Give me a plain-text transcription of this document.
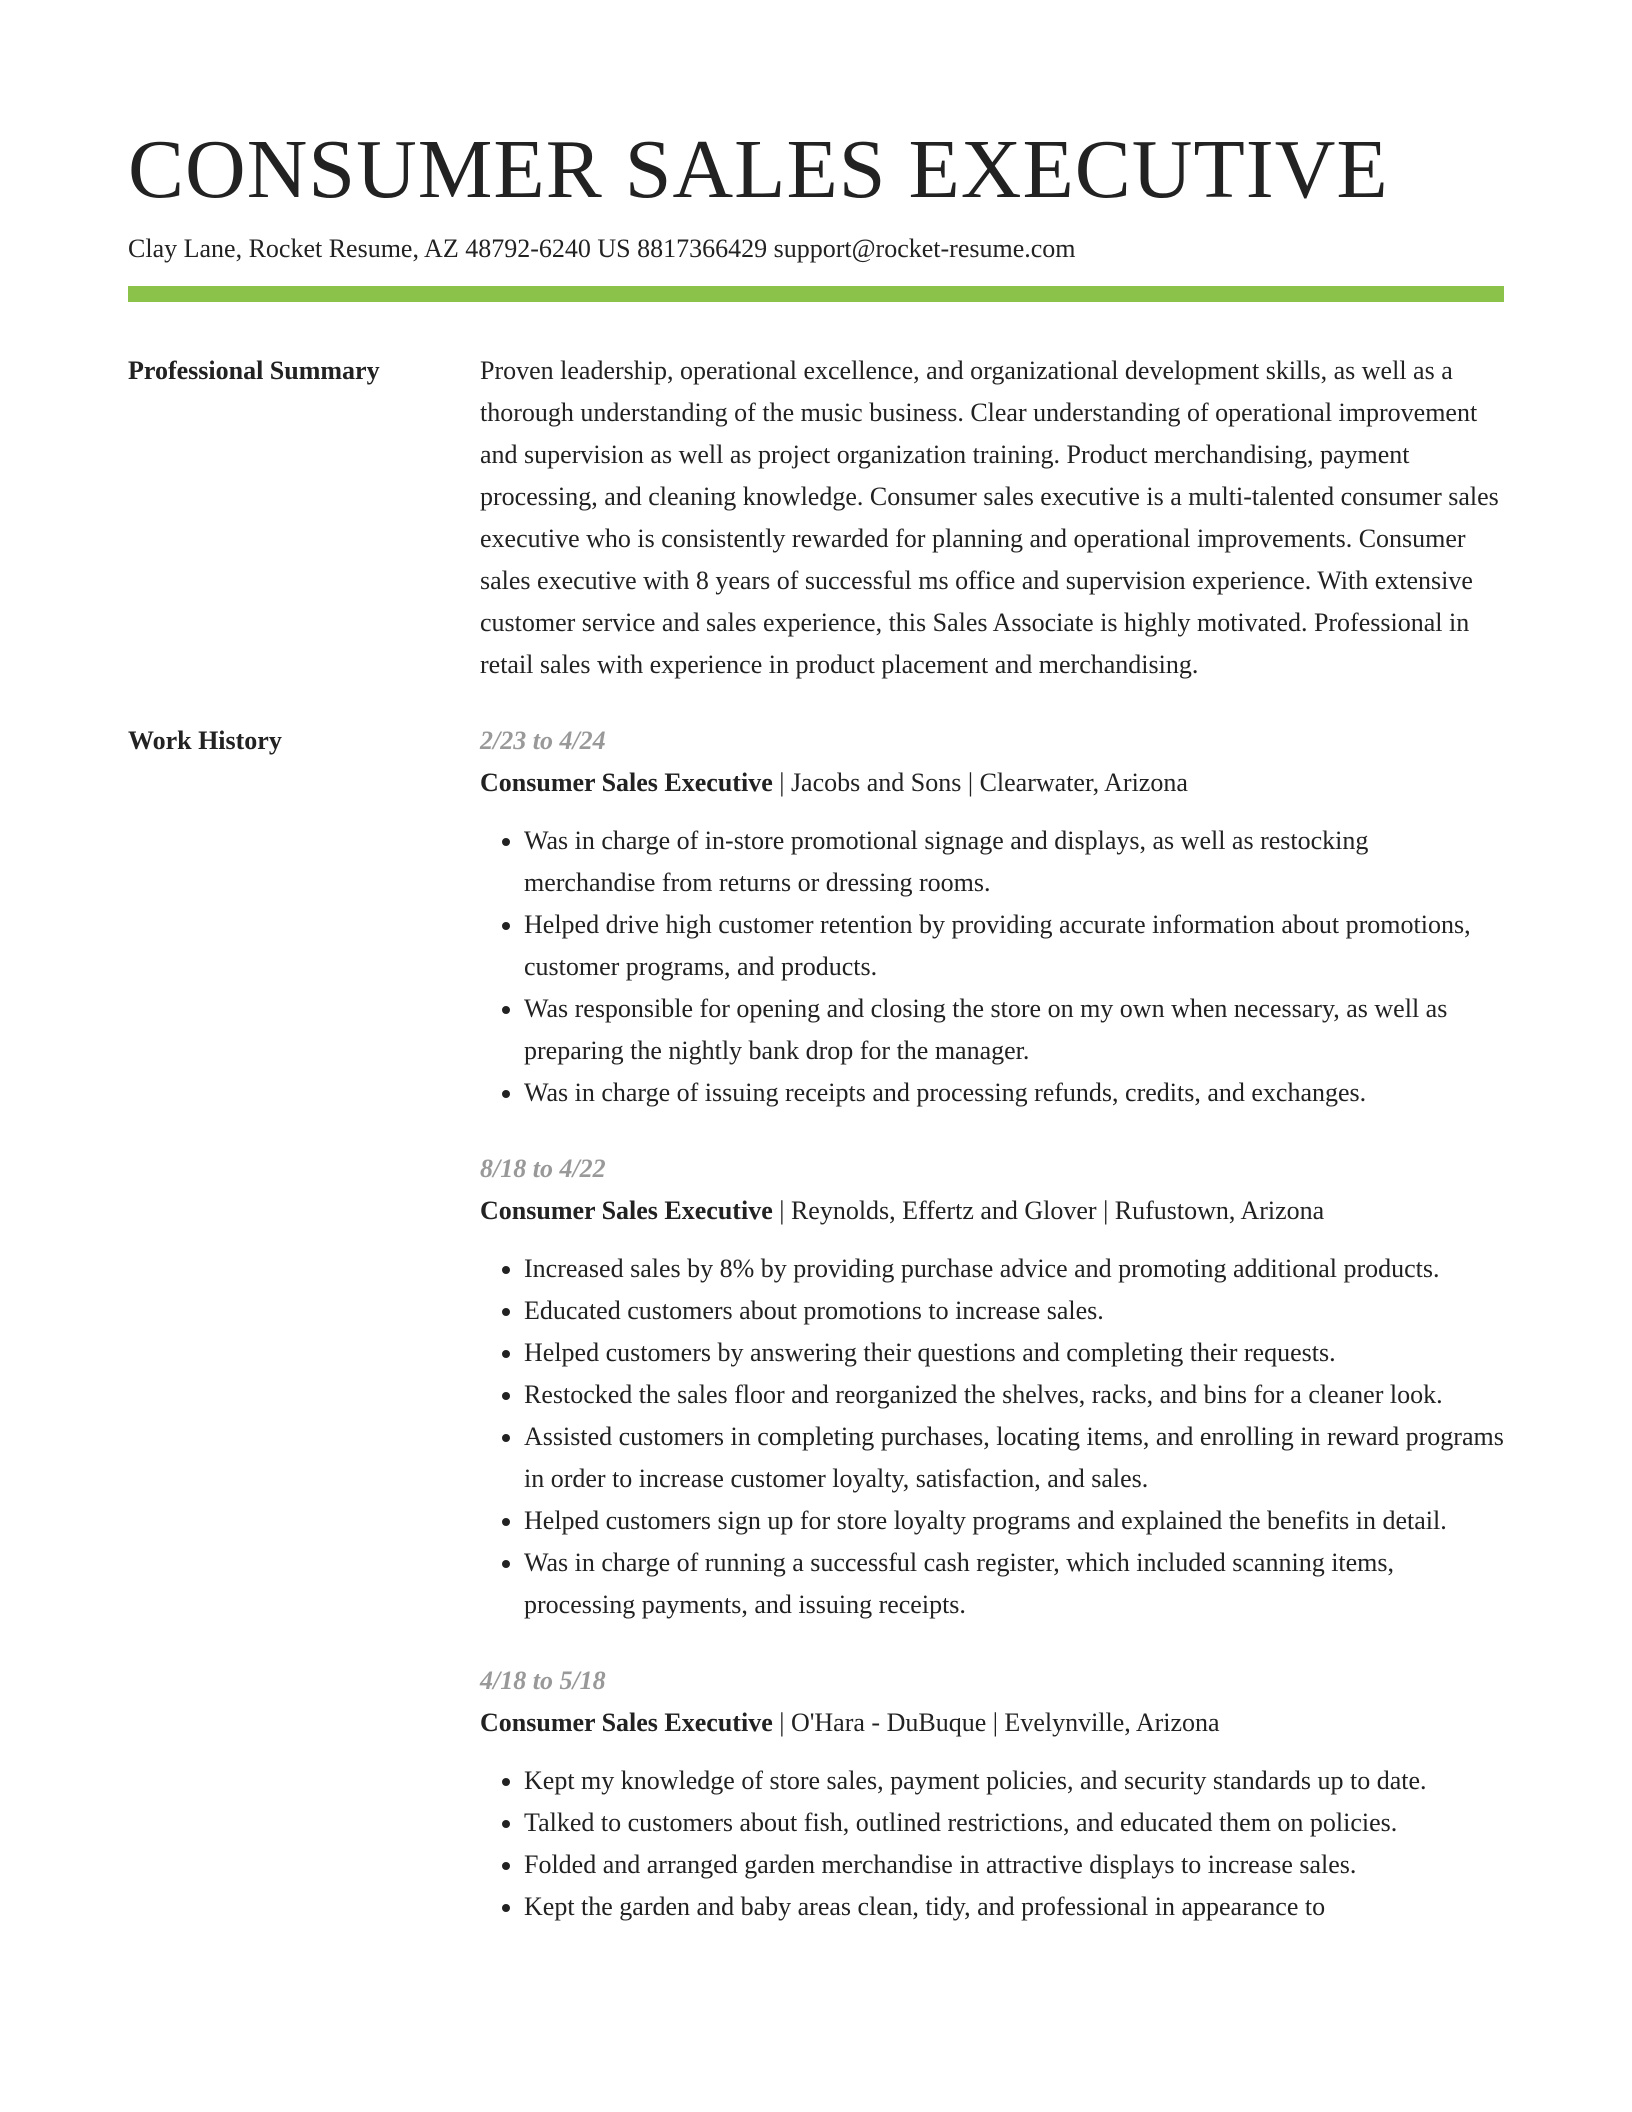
CONSUMER SALES EXECUTIVE
Clay Lane, Rocket Resume, AZ 48792-6240 US 8817366429 support@rocket-resume.com
Professional Summary	Proven leadership, operational excellence, and organizational development skills, as well as a thorough understanding of the music business. Clear understanding of operational improvement and supervision as well as project organization training. Product merchandising, payment processing, and cleaning knowledge. Consumer sales executive is a multi-talented consumer sales executive who is consistently rewarded for planning and operational improvements. Consumer sales executive with 8 years of successful ms office and supervision experience. With extensive customer service and sales experience, this Sales Associate is highly motivated. Professional in retail sales with experience in product placement and merchandising.

Work History	2/23 to 4/24
Consumer Sales Executive | Jacobs and Sons | Clearwater, Arizona
• Was in charge of in-store promotional signage and displays, as well as restocking merchandise from returns or dressing rooms.
• Helped drive high customer retention by providing accurate information about promotions, customer programs, and products.
• Was responsible for opening and closing the store on my own when necessary, as well as preparing the nightly bank drop for the manager.
• Was in charge of issuing receipts and processing refunds, credits, and exchanges.
8/18 to 4/22
Consumer Sales Executive | Reynolds, Effertz and Glover | Rufustown, Arizona
• Increased sales by 8% by providing purchase advice and promoting additional products.
• Educated customers about promotions to increase sales.
• Helped customers by answering their questions and completing their requests.
• Restocked the sales floor and reorganized the shelves, racks, and bins for a cleaner look.
• Assisted customers in completing purchases, locating items, and enrolling in reward programs in order to increase customer loyalty, satisfaction, and sales.
• Helped customers sign up for store loyalty programs and explained the benefits in detail.
• Was in charge of running a successful cash register, which included scanning items, processing payments, and issuing receipts.
4/18 to 5/18
Consumer Sales Executive | O'Hara - DuBuque | Evelynville, Arizona
• Kept my knowledge of store sales, payment policies, and security standards up to date.
• Talked to customers about fish, outlined restrictions, and educated them on policies.
• Folded and arranged garden merchandise in attractive displays to increase sales.
• Kept the garden and baby areas clean, tidy, and professional in appearance to
